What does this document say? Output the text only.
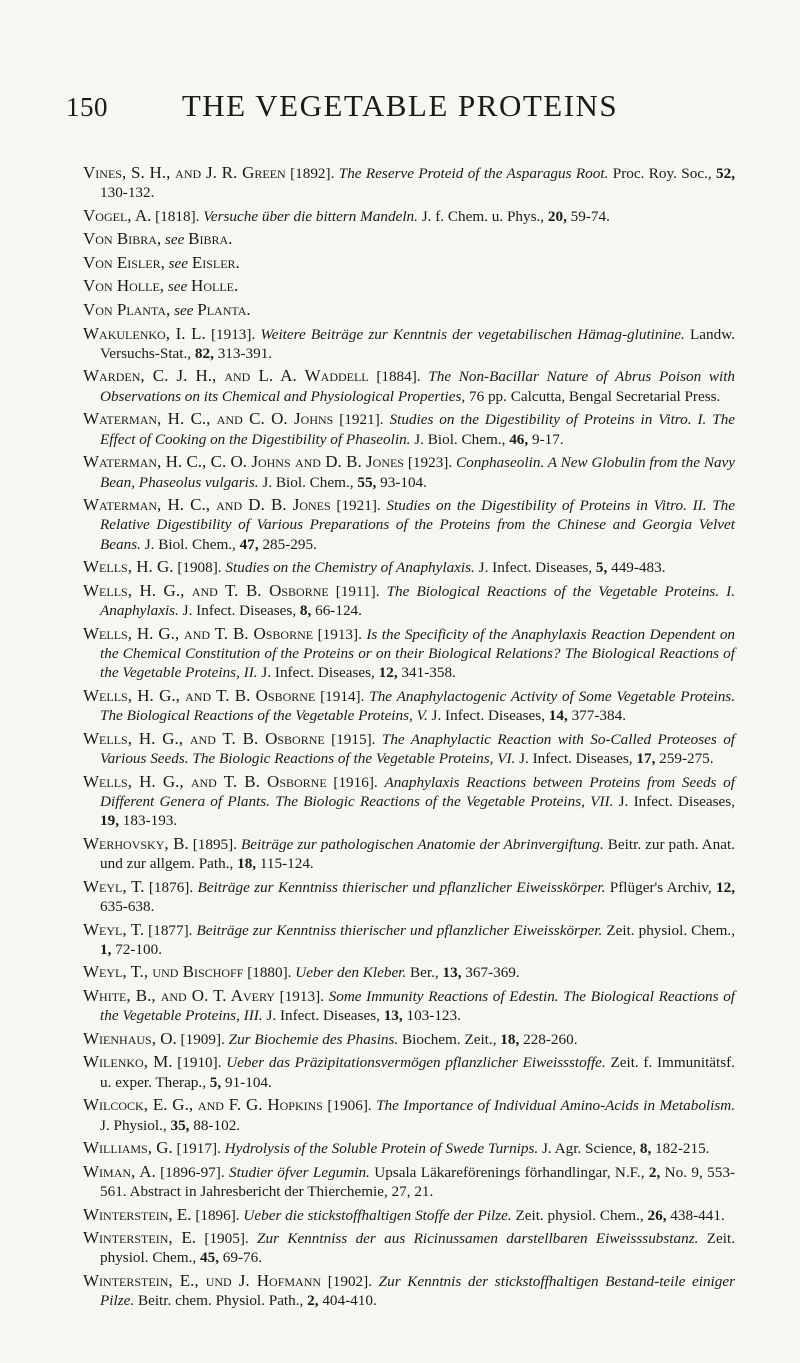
150	THE VEGETABLE PROTEINS

Vines, S. H., and J. R. Green [1892]. The Reserve Proteid of the Asparagus Root. Proc. Roy. Soc., 52, 130-132.

Vogel, A. [1818]. Versuche über die bittern Mandeln. J. f. Chem. u. Phys., 20, 59-74.

Von Bibra, see Bibra.

Von Eisler, see Eisler.

Von Holle, see Holle.

Von Planta, see Planta.

Wakulenko, I. L. [1913]. Weitere Beiträge zur Kenntnis der vegetabilischen Hämag-glutinine. Landw. Versuchs-Stat., 82, 313-391.

Warden, C. J. H., and L. A. Waddell [1884]. The Non-Bacillar Nature of Abrus Poison with Observations on its Chemical and Physiological Properties, 76 pp. Calcutta, Bengal Secretarial Press.

Waterman, H. C., and C. O. Johns [1921]. Studies on the Digestibility of Proteins in Vitro. I. The Effect of Cooking on the Digestibility of Phaseolin. J. Biol. Chem., 46, 9-17.

Waterman, H. C., C. O. Johns and D. B. Jones [1923]. Conphaseolin. A New Globulin from the Navy Bean, Phaseolus vulgaris. J. Biol. Chem., 55, 93-104.

Waterman, H. C., and D. B. Jones [1921]. Studies on the Digestibility of Proteins in Vitro. II. The Relative Digestibility of Various Preparations of the Proteins from the Chinese and Georgia Velvet Beans. J. Biol. Chem., 47, 285-295.

Wells, H. G. [1908]. Studies on the Chemistry of Anaphylaxis. J. Infect. Diseases, 5, 449-483.

Wells, H. G., and T. B. Osborne [1911]. The Biological Reactions of the Vegetable Proteins. I. Anaphylaxis. J. Infect. Diseases, 8, 66-124.

Wells, H. G., and T. B. Osborne [1913]. Is the Specificity of the Anaphylaxis Reaction Dependent on the Chemical Constitution of the Proteins or on their Biological Relations? The Biological Reactions of the Vegetable Proteins, II. J. Infect. Diseases, 12, 341-358.

Wells, H. G., and T. B. Osborne [1914]. The Anaphylactogenic Activity of Some Vegetable Proteins. The Biological Reactions of the Vegetable Proteins, V. J. Infect. Diseases, 14, 377-384.

Wells, H. G., and T. B. Osborne [1915]. The Anaphylactic Reaction with So-Called Proteoses of Various Seeds. The Biologic Reactions of the Vegetable Proteins, VI. J. Infect. Diseases, 17, 259-275.

Wells, H. G., and T. B. Osborne [1916]. Anaphylaxis Reactions between Proteins from Seeds of Different Genera of Plants. The Biologic Reactions of the Vegetable Proteins, VII. J. Infect. Diseases, 19, 183-193.

Werhovsky, B. [1895]. Beiträge zur pathologischen Anatomie der Abrinvergiftung. Beitr. zur path. Anat. und zur allgem. Path., 18, 115-124.

Weyl, T. [1876]. Beiträge zur Kenntniss thierischer und pflanzlicher Eiweisskörper. Pflüger's Archiv, 12, 635-638.

Weyl, T. [1877]. Beiträge zur Kenntniss thierischer und pflanzlicher Eiweisskörper. Zeit. physiol. Chem., 1, 72-100.

Weyl, T., und Bischoff [1880]. Ueber den Kleber. Ber., 13, 367-369.

White, B., and O. T. Avery [1913]. Some Immunity Reactions of Edestin. The Biological Reactions of the Vegetable Proteins, III. J. Infect. Diseases, 13, 103-123.

Wienhaus, O. [1909]. Zur Biochemie des Phasins. Biochem. Zeit., 18, 228-260.

Wilenko, M. [1910]. Ueber das Präzipitationsvermögen pflanzlicher Eiweissstoffe. Zeit. f. Immunitätsf. u. exper. Therap., 5, 91-104.

Wilcock, E. G., and F. G. Hopkins [1906]. The Importance of Individual Amino-Acids in Metabolism. J. Physiol., 35, 88-102.

Williams, G. [1917]. Hydrolysis of the Soluble Protein of Swede Turnips. J. Agr. Science, 8, 182-215.

Wiman, A. [1896-97]. Studier öfver Legumin. Upsala Läkareförenings förhandlingar, N.F., 2, No. 9, 553-561. Abstract in Jahresbericht der Thierchemie, 27, 21.

Winterstein, E. [1896]. Ueber die stickstoffhaltigen Stoffe der Pilze. Zeit. physiol. Chem., 26, 438-441.

Winterstein, E. [1905]. Zur Kenntniss der aus Ricinussamen darstellbaren Eiweisssubstanz. Zeit. physiol. Chem., 45, 69-76.

Winterstein, E., und J. Hofmann [1902]. Zur Kenntnis der stickstoffhaltigen Bestand-teile einiger Pilze. Beitr. chem. Physiol. Path., 2, 404-410.
